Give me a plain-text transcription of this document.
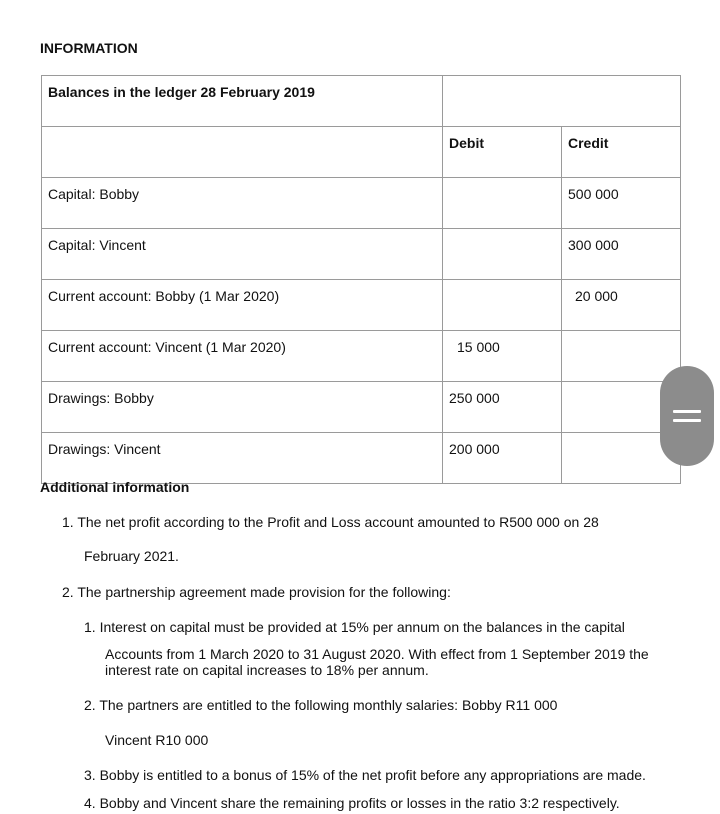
INFORMATION
Balances in the ledger 28 February 2019		
	Debit	Credit
Capital: Bobby		500 000
Capital: Vincent		300 000
Current account: Bobby (1 Mar 2020)		20 000
Current account: Vincent (1 Mar 2020)	15 000	
Drawings: Bobby	250 000	
Drawings: Vincent	200 000	
Additional information
1. The net profit according to the Profit and Loss account amounted to R500 000 on 28
February 2021.
2. The partnership agreement made provision for the following:
1. Interest on capital must be provided at 15% per annum on the balances in the capital
Accounts from 1 March 2020 to 31 August 2020. With effect from 1 September 2019 the
interest rate on capital increases to 18% per annum.
2. The partners are entitled to the following monthly salaries: Bobby R11 000
Vincent R10 000
3. Bobby is entitled to a bonus of 15% of the net profit before any appropriations are made.
4. Bobby and Vincent share the remaining profits or losses in the ratio 3:2 respectively.
